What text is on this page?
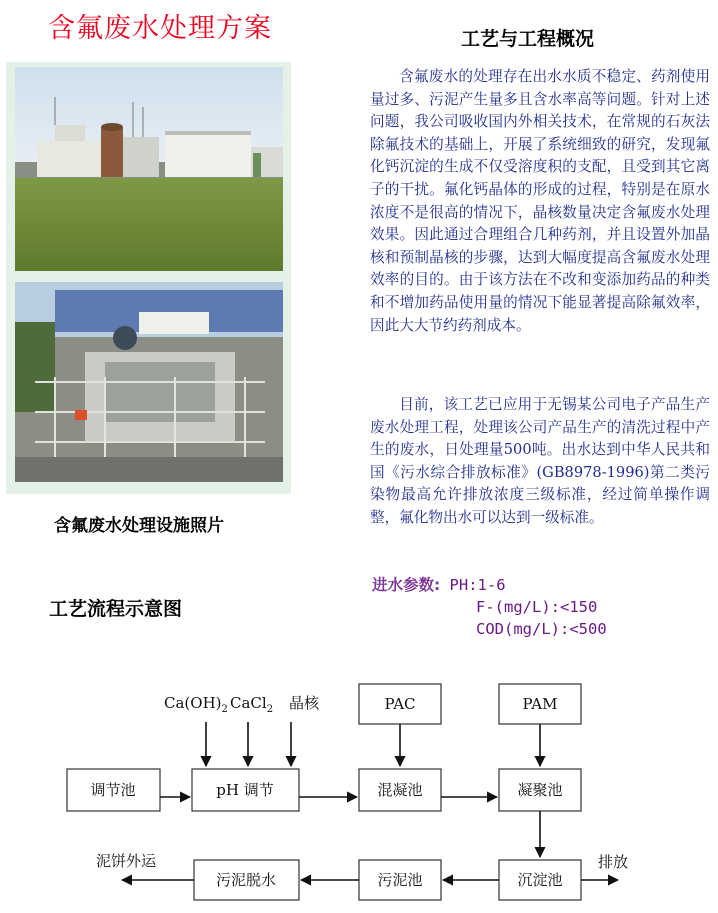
含氟废水处理方案
含氟废水处理设施照片
工艺与工程概况

含氟废水的处理存在出水水质不稳定、药剂使用量过多、污泥产生量多且含水率高等问题。针对上述问题，我公司吸收国内外相关技术，在常规的石灰法除氟技术的基础上，开展了系统细致的研究，发现氟化钙沉淀的生成不仅受溶度积的支配，且受到其它离子的干扰。氟化钙晶体的形成的过程，特别是在原水浓度不是很高的情况下，晶核数量决定含氟废水处理效果。因此通过合理组合几种药剂，并且设置外加晶核和预制晶核的步骤，达到大幅度提高含氟废水处理效率的目的。由于该方法在不改和变添加药品的种类和不增加药品使用量的情况下能显著提高除氟效率，因此大大节约药剂成本。

目前，该工艺已应用于无锡某公司电子产品生产废水处理工程，处理该公司产品生产的清洗过程中产生的废水，日处理量500吨。出水达到中华人民共和国《污水综合排放标准》(GB8978-1996)第二类污染物最高允许排放浓度三级标准，经过简单操作调整，氟化物出水可以达到一级标准。

工艺流程示意图
进水参数: PH:1-6
F-(mg/L):<150
COD(mg/L):<500
$Ca(OH)_2$ CaCl$_2$ 晶核	PAC	PAM
调节池	pH 调节	混凝池	凝聚池
沉淀池
污泥池
污泥脱水
排放
泥饼外运
